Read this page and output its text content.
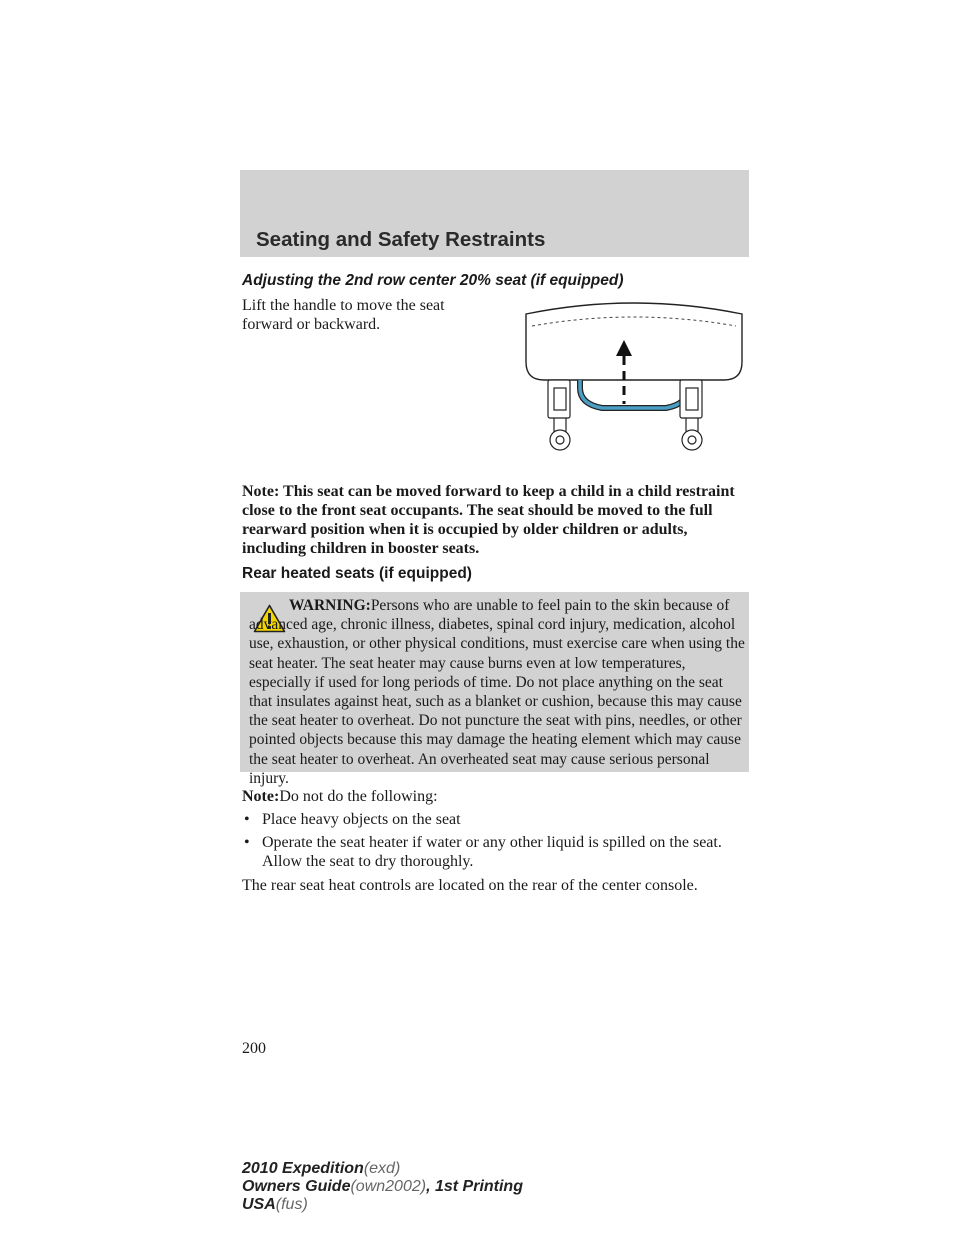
Seating and Safety Restraints
Adjusting the 2nd row center 20% seat (if equipped)
Lift the handle to move the seat
forward or backward.
Note: This seat can be moved forward to keep a child in a child restraint close to the front seat occupants. The seat should be moved to the full rearward position when it is occupied by older children or adults, including children in booster seats.
Rear heated seats (if equipped)
WARNING:Persons who are unable to feel pain to the skin because of advanced age, chronic illness, diabetes, spinal cord injury, medication, alcohol use, exhaustion, or other physical conditions, must exercise care when using the seat heater. The seat heater may cause burns even at low temperatures, especially if used for long periods of time. Do not place anything on the seat that insulates against heat, such as a blanket or cushion, because this may cause the seat heater to overheat. Do not puncture the seat with pins, needles, or other pointed objects because this may damage the heating element which may cause the seat heater to overheat. An overheated seat may cause serious personal injury.
Note:Do not do the following:
• Place heavy objects on the seat
• Operate the seat heater if water or any other liquid is spilled on the seat. Allow the seat to dry thoroughly.
The rear seat heat controls are located on the rear of the center console.
200
2010 Expedition(exd)
Owners Guide(own2002), 1st Printing
USA(fus)
